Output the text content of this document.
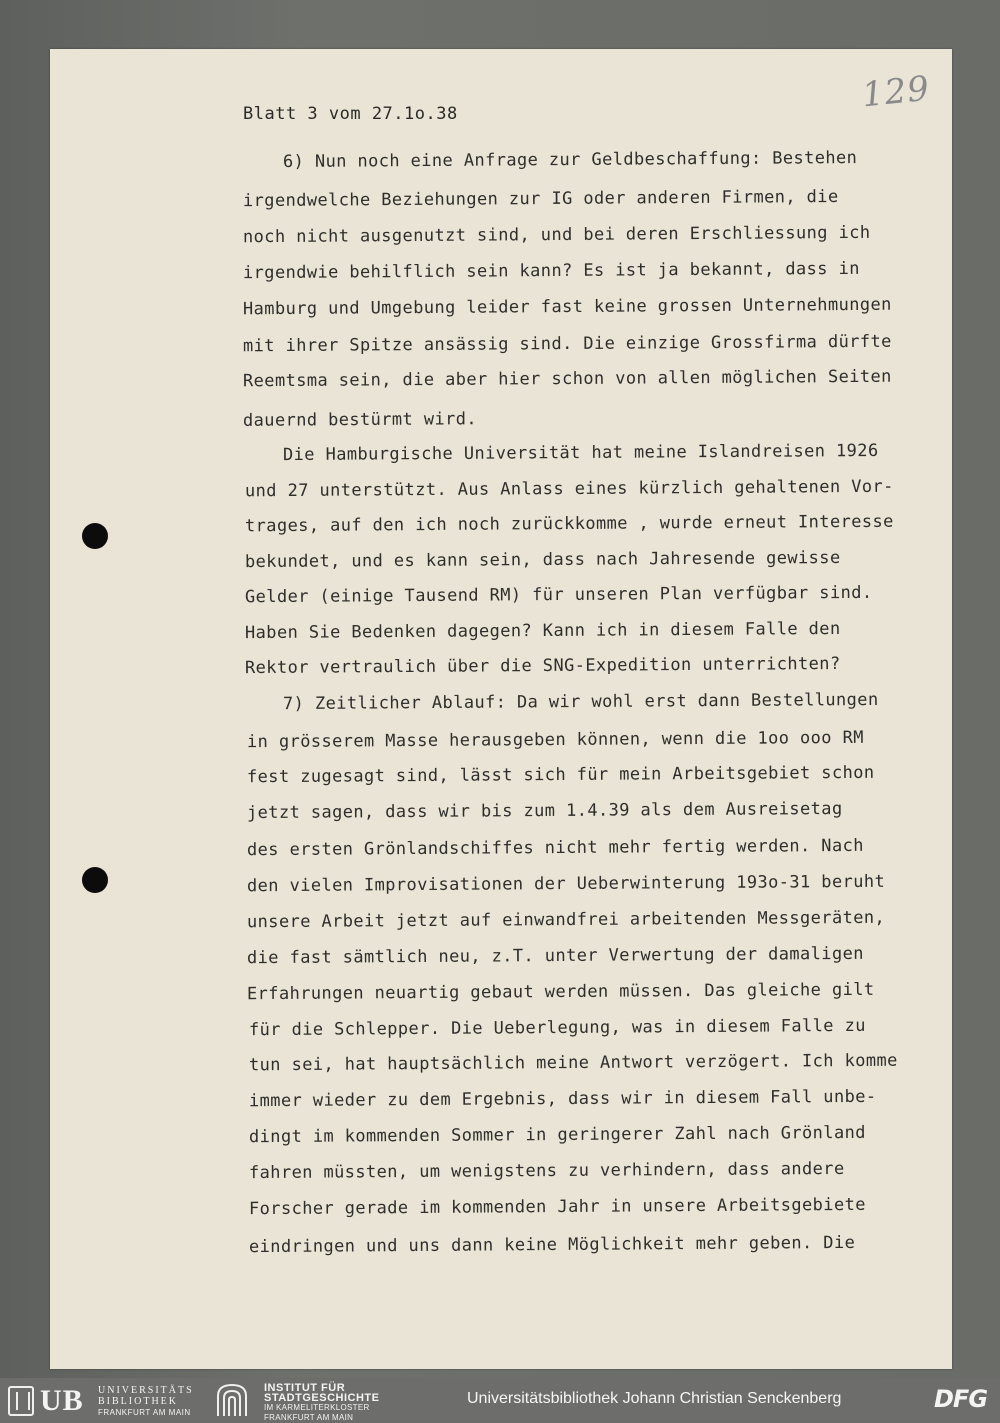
129
Blatt 3 vom 27.1o.38
6) Nun noch eine Anfrage zur Geldbeschaffung: Bestehen
irgendwelche Beziehungen zur IG oder anderen Firmen, die
noch nicht ausgenutzt sind, und bei deren Erschliessung ich
irgendwie behilflich sein kann? Es ist ja bekannt, dass in
Hamburg und Umgebung leider fast keine grossen Unternehmungen
mit ihrer Spitze ansässig sind. Die einzige Grossfirma dürfte
Reemtsma sein, die aber hier schon von allen möglichen Seiten
dauernd bestürmt wird.
Die Hamburgische Universität hat meine Islandreisen 1926
und 27 unterstützt. Aus Anlass eines kürzlich gehaltenen Vor-
trages, auf den ich noch zurückkomme , wurde erneut Interesse
bekundet, und es kann sein, dass nach Jahresende gewisse
Gelder (einige Tausend RM) für unseren Plan verfügbar sind.
Haben Sie Bedenken dagegen? Kann ich in diesem Falle den
Rektor vertraulich über die SNG-Expedition unterrichten?
7) Zeitlicher Ablauf: Da wir wohl erst dann Bestellungen
in grösserem Masse herausgeben können, wenn die 1oo ooo RM
fest zugesagt sind, lässt sich für mein Arbeitsgebiet schon
jetzt sagen, dass wir bis zum 1.4.39 als dem Ausreisetag
des ersten Grönlandschiffes nicht mehr fertig werden. Nach
den vielen Improvisationen der Ueberwinterung 193o-31 beruht
unsere Arbeit jetzt auf einwandfrei arbeitenden Messgeräten,
die fast sämtlich neu, z.T. unter Verwertung der damaligen
Erfahrungen neuartig gebaut werden müssen. Das gleiche gilt
für die Schlepper. Die Ueberlegung, was in diesem Falle zu
tun sei, hat hauptsächlich meine Antwort verzögert. Ich komme
immer wieder zu dem Ergebnis, dass wir in diesem Fall unbe-
dingt im kommenden Sommer in geringerer Zahl nach Grönland
fahren müssten, um wenigstens zu verhindern, dass andere
Forscher gerade im kommenden Jahr in unsere Arbeitsgebiete
eindringen und uns dann keine Möglichkeit mehr geben. Die
UB UNIVERSITÄTS
BIBLIOTHEK
FRANKFURT AM MAIN
INSTITUT FÜR
STADTGESCHICHTE
IM KARMELITERKLOSTER
FRANKFURT AM MAIN
Universitätsbibliothek Johann Christian Senckenberg	DFG
